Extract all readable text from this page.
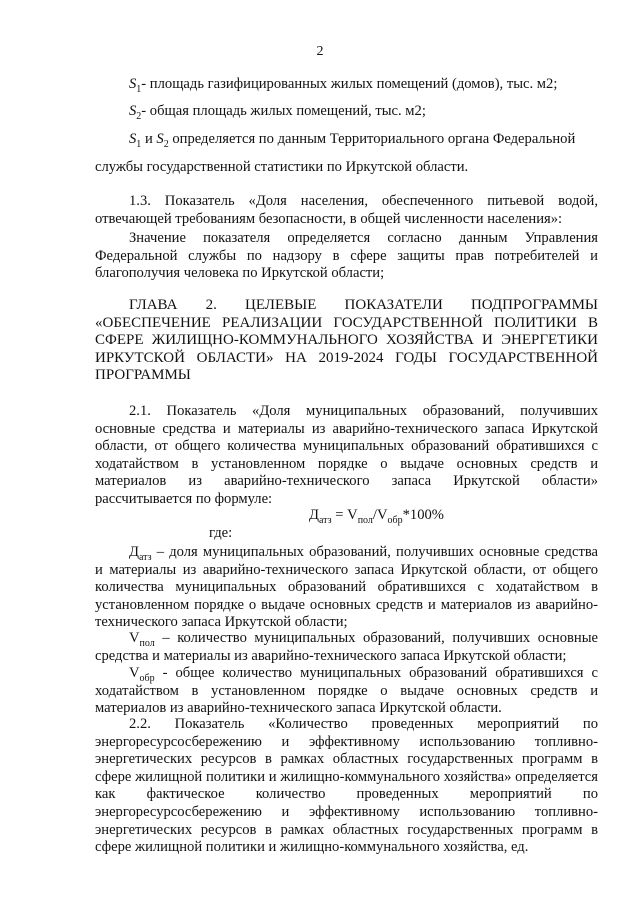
2

$S_1-$ площадь газифицированных жилых помещений (домов), тыс. м2;

$S_2-$ общая площадь жилых помещений, тыс. м2;

$S_1$ и $S_2$ определяется по данным Территориального органа Федеральной

службы государственной статистики по Иркутской области.

1.3. Показатель «Доля населения, обеспеченного питьевой водой, отвечающей требованиям безопасности, в общей численности населения»:

Значение показателя определяется согласно данным Управления Федеральной службы по надзору в сфере защиты прав потребителей и благополучия человека по Иркутской области;

ГЛАВА 2. ЦЕЛЕВЫЕ ПОКАЗАТЕЛИ ПОДПРОГРАММЫ «ОБЕСПЕЧЕНИЕ РЕАЛИЗАЦИИ ГОСУДАРСТВЕННОЙ ПОЛИТИКИ В СФЕРЕ ЖИЛИЩНО-КОММУНАЛЬНОГО ХОЗЯЙСТВА И ЭНЕРГЕТИКИ ИРКУТСКОЙ ОБЛАСТИ» НА 2019-2024 ГОДЫ ГОСУДАРСТВЕННОЙ ПРОГРАММЫ

2.1. Показатель «Доля муниципальных образований, получивших основные средства и материалы из аварийно-технического запаса Иркутской области, от общего количества муниципальных образований обратившихся с ходатайством в установленном порядке о выдаче основных средств и материалов из аварийно-технического запаса Иркутской области» рассчитывается по формуле:

$Д_{атз} = V_{пол}/V_{обр}*100\%$
где:

$Д_{атз}$ – доля муниципальных образований, получивших основные средства и материалы из аварийно-технического запаса Иркутской области, от общего количества муниципальных образований обратившихся с ходатайством в установленном порядке о выдаче основных средств и материалов из аварийно-технического запаса Иркутской области;

$V_{пол}$ – количество муниципальных образований, получивших основные средства и материалы из аварийно-технического запаса Иркутской области;

$V_{обр}$ - общее количество муниципальных образований обратившихся с ходатайством в установленном порядке о выдаче основных средств и материалов из аварийно-технического запаса Иркутской области.

2.2. Показатель «Количество проведенных мероприятий по энергоресурсосбережению и эффективному использованию топливно-энергетических ресурсов в рамках областных государственных программ в сфере жилищной политики и жилищно-коммунального хозяйства» определяется как фактическое количество проведенных мероприятий по энергоресурсосбережению и эффективному использованию топливно-энергетических ресурсов в рамках областных государственных программ в сфере жилищной политики и жилищно-коммунального хозяйства, ед.
